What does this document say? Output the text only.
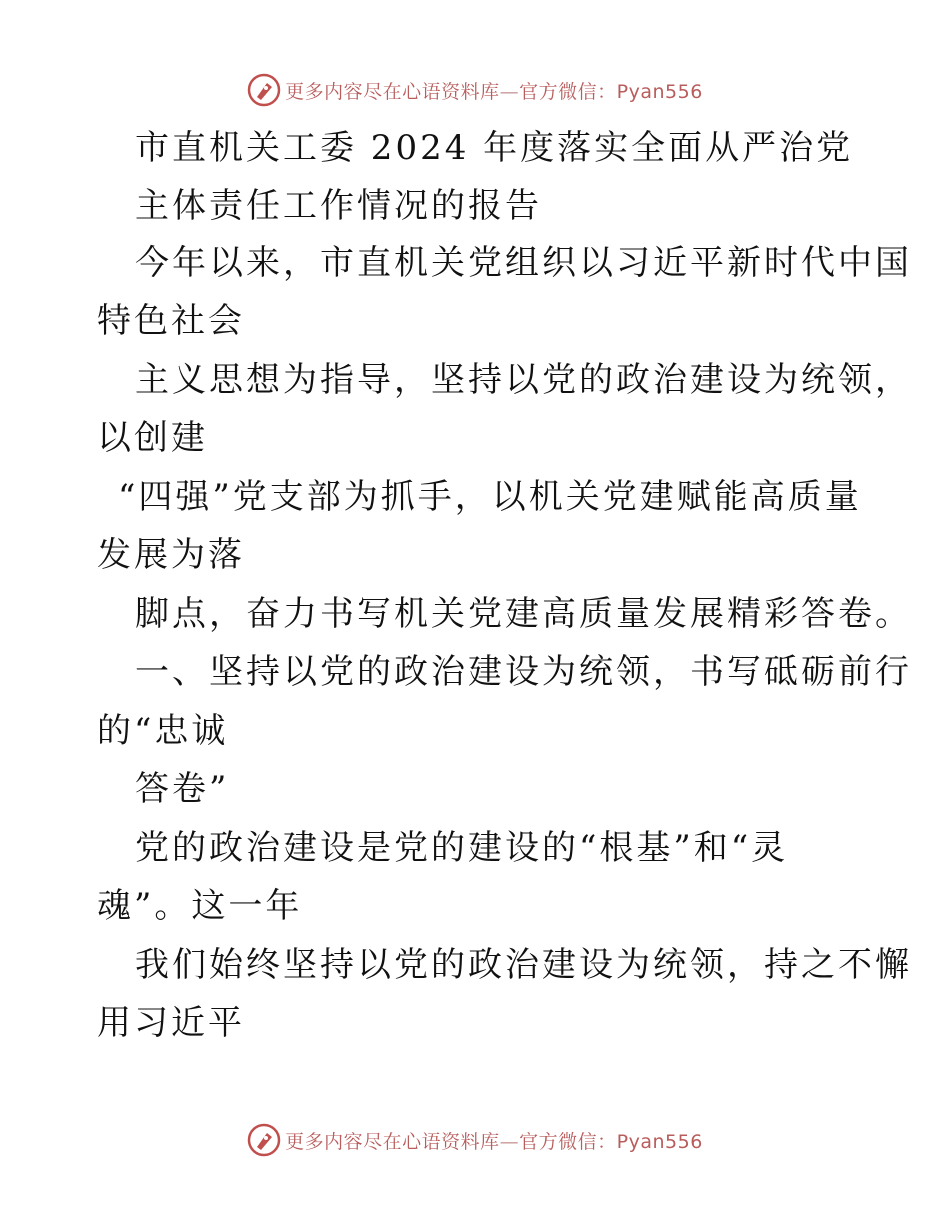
更多内容尽在心语资料库—官方微信：Pyan556
市直机关工委 2024 年度落实全面从严治党
主体责任工作情况的报告
今年以来，市直机关党组织以习近平新时代中国
特色社会
主义思想为指导，坚持以党的政治建设为统领，
以创建
“四强”党支部为抓手，以机关党建赋能高质量
发展为落
脚点，奋力书写机关党建高质量发展精彩答卷。
一、坚持以党的政治建设为统领，书写砥砺前行
的“忠诚
答卷”
党的政治建设是党的建设的“根基”和“灵
魂”。这一年
我们始终坚持以党的政治建设为统领，持之不懈
用习近平
更多内容尽在心语资料库—官方微信：Pyan556
